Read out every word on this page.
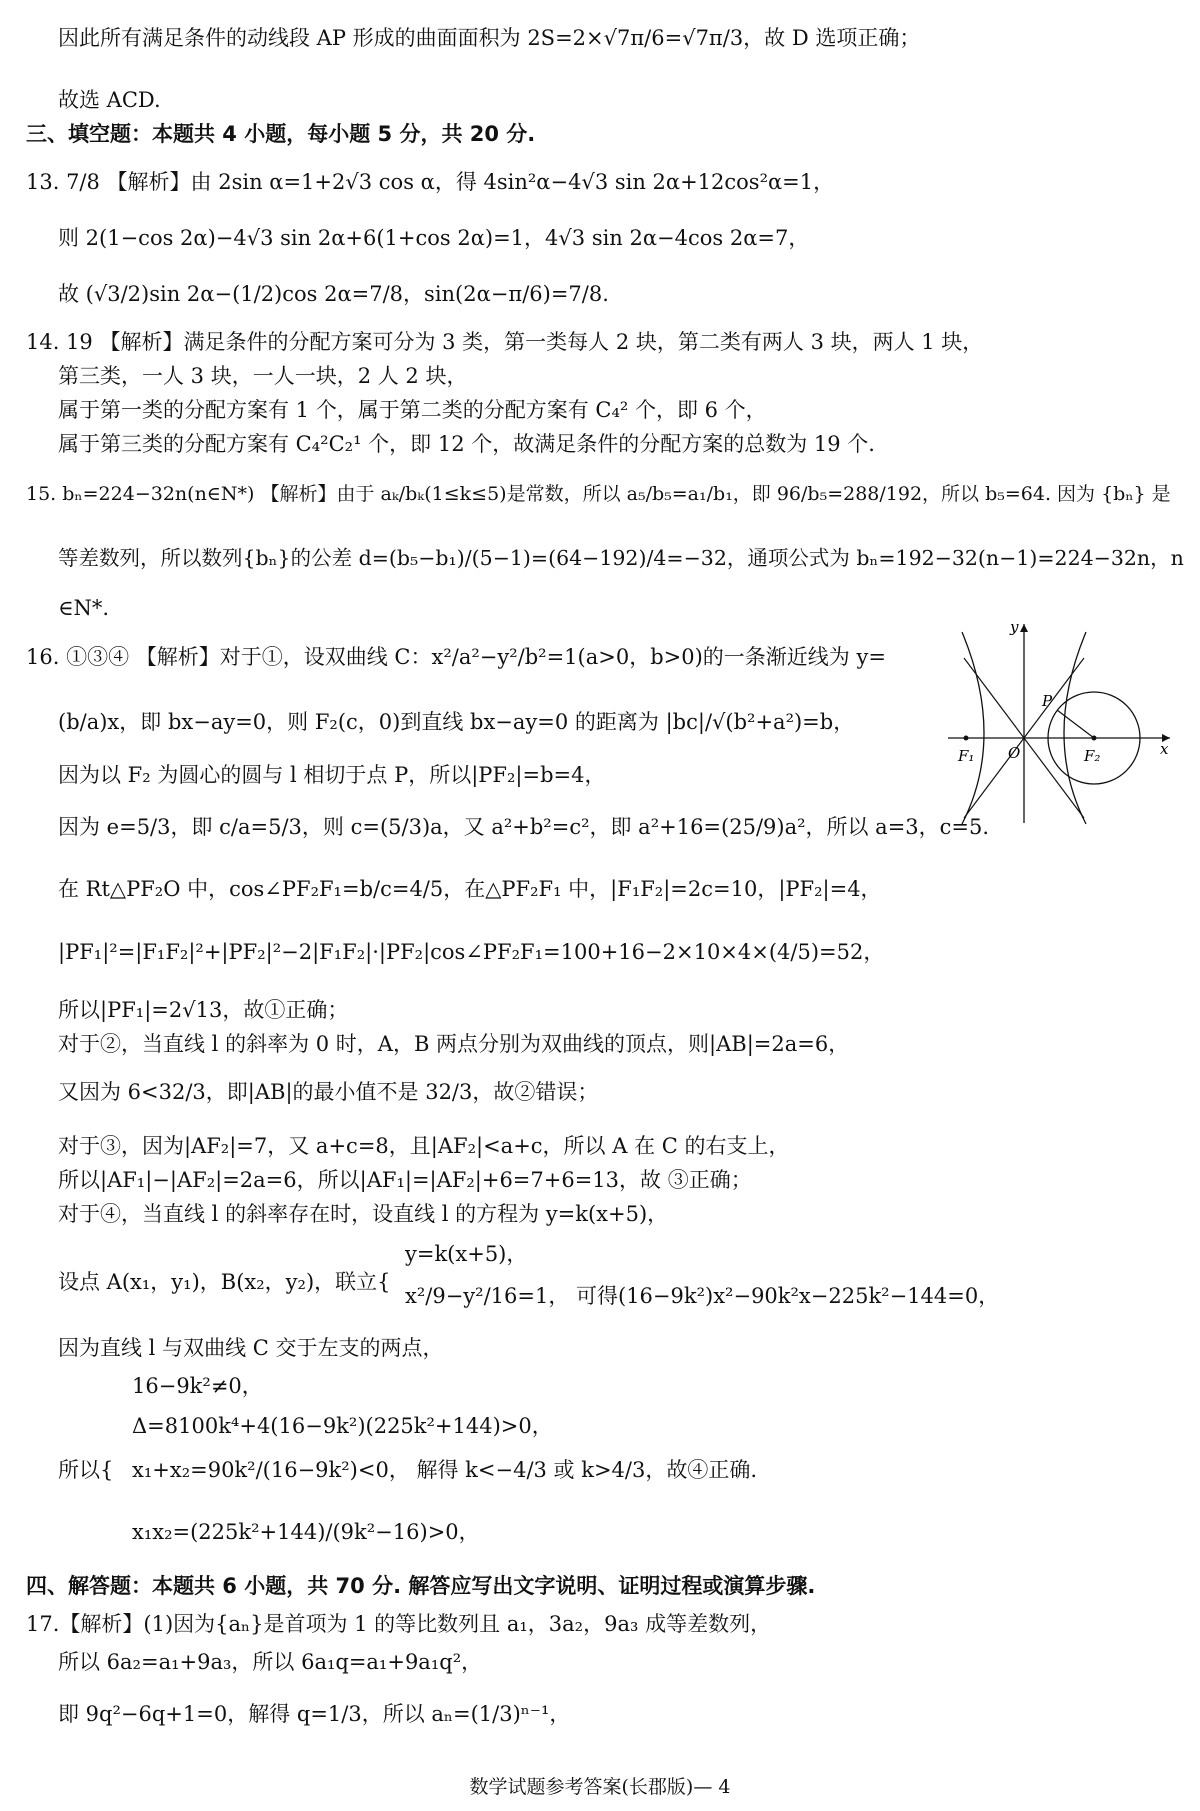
因此所有满足条件的动线段 AP 形成的曲面面积为 2S=2×√7π/6=√7π/3，故 D 选项正确；
故选 ACD.
三、填空题：本题共 4 小题，每小题 5 分，共 20 分.
13. 7/8 【解析】由 2sin α=1+2√3 cos α，得 4sin²α−4√3 sin 2α+12cos²α=1，
则 2(1−cos 2α)−4√3 sin 2α+6(1+cos 2α)=1，4√3 sin 2α−4cos 2α=7，
故 (√3/2)sin 2α−(1/2)cos 2α=7/8，sin(2α−π/6)=7/8.
14. 19 【解析】满足条件的分配方案可分为 3 类，第一类每人 2 块，第二类有两人 3 块，两人 1 块，
第三类，一人 3 块，一人一块，2 人 2 块，
属于第一类的分配方案有 1 个，属于第二类的分配方案有 C₄² 个，即 6 个，
属于第三类的分配方案有 C₄²C₂¹ 个，即 12 个，故满足条件的分配方案的总数为 19 个.
15. bₙ=224−32n(n∈N*) 【解析】由于 aₖ/bₖ(1≤k≤5)是常数，所以 a₅/b₅=a₁/b₁，即 96/b₅=288/192，所以 b₅=64. 因为 {bₙ} 是
等差数列，所以数列{bₙ}的公差 d=(b₅−b₁)/(5−1)=(64−192)/4=−32，通项公式为 bₙ=192−32(n−1)=224−32n，n
∈N*.
16. ①③④ 【解析】对于①，设双曲线 C：x²/a²−y²/b²=1(a>0，b>0)的一条渐近线为 y=
(b/a)x，即 bx−ay=0，则 F₂(c，0)到直线 bx−ay=0 的距离为 |bc|/√(b²+a²)=b，
因为以 F₂ 为圆心的圆与 l 相切于点 P，所以|PF₂|=b=4，
因为 e=5/3，即 c/a=5/3，则 c=(5/3)a，又 a²+b²=c²，即 a²+16=(25/9)a²，所以 a=3，c=5.
在 Rt△PF₂O 中，cos∠PF₂F₁=b/c=4/5，在△PF₂F₁ 中，|F₁F₂|=2c=10，|PF₂|=4，
|PF₁|²=|F₁F₂|²+|PF₂|²−2|F₁F₂|·|PF₂|cos∠PF₂F₁=100+16−2×10×4×(4/5)=52，
所以|PF₁|=2√13，故①正确；
对于②，当直线 l 的斜率为 0 时，A，B 两点分别为双曲线的顶点，则|AB|=2a=6，
又因为 6<32/3，即|AB|的最小值不是 32/3，故②错误；
对于③，因为|AF₂|=7，又 a+c=8，且|AF₂|<a+c，所以 A 在 C 的右支上，
所以|AF₁|−|AF₂|=2a=6，所以|AF₁|=|AF₂|+6=7+6=13，故 ③正确；
对于④，当直线 l 的斜率存在时，设直线 l 的方程为 y=k(x+5)，
y=k(x+5)，
设点 A(x₁，y₁)，B(x₂，y₂)，联立{
x²/9−y²/16=1， 可得(16−9k²)x²−90k²x−225k²−144=0，
因为直线 l 与双曲线 C 交于左支的两点，
16−9k²≠0，
Δ=8100k⁴+4(16−9k²)(225k²+144)>0，
所以{ x₁+x₂=90k²/(16−9k²)<0， 解得 k<−4/3 或 k>4/3，故④正确.
x₁x₂=(225k²+144)/(9k²−16)>0，
四、解答题：本题共 6 小题，共 70 分. 解答应写出文字说明、证明过程或演算步骤.
17.【解析】(1)因为{aₙ}是首项为 1 的等比数列且 a₁，3a₂，9a₃ 成等差数列，
所以 6a₂=a₁+9a₃，所以 6a₁q=a₁+9a₁q²，
即 9q²−6q+1=0，解得 q=1/3，所以 aₙ=(1/3)ⁿ⁻¹，
x
y
O
F₁	F₂
P
数学试题参考答案(长郡版)— 4
